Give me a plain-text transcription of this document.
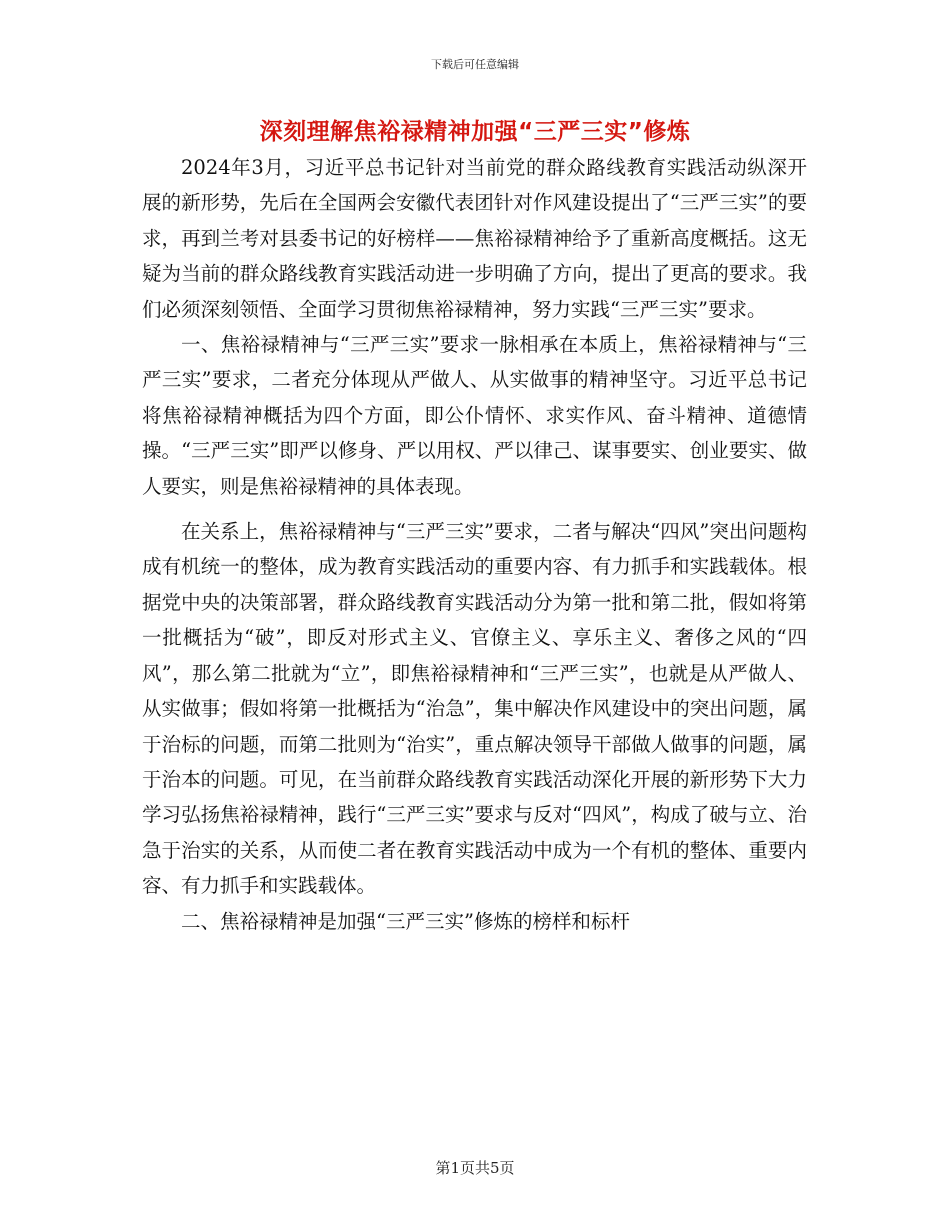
下载后可任意编辑
深刻理解焦裕禄精神加强“三严三实”修炼

2024年3月，习近平总书记针对当前党的群众路线教育实践活动纵深开展的新形势，先后在全国两会安徽代表团针对作风建设提出了“三严三实”的要求，再到兰考对县委书记的好榜样——焦裕禄精神给予了重新高度概括。这无疑为当前的群众路线教育实践活动进一步明确了方向，提出了更高的要求。我们必须深刻领悟、全面学习贯彻焦裕禄精神，努力实践“三严三实”要求。

一、焦裕禄精神与“三严三实”要求一脉相承在本质上，焦裕禄精神与“三严三实”要求，二者充分体现从严做人、从实做事的精神坚守。习近平总书记将焦裕禄精神概括为四个方面，即公仆情怀、求实作风、奋斗精神、道德情操。“三严三实”即严以修身、严以用权、严以律己、谋事要实、创业要实、做人要实，则是焦裕禄精神的具体表现。

在关系上，焦裕禄精神与“三严三实”要求，二者与解决“四风”突出问题构成有机统一的整体，成为教育实践活动的重要内容、有力抓手和实践载体。根据党中央的决策部署，群众路线教育实践活动分为第一批和第二批，假如将第一批概括为“破”，即反对形式主义、官僚主义、享乐主义、奢侈之风的“四风”，那么第二批就为“立”，即焦裕禄精神和“三严三实”，也就是从严做人、从实做事；假如将第一批概括为“治急”，集中解决作风建设中的突出问题，属于治标的问题，而第二批则为“治实”，重点解决领导干部做人做事的问题，属于治本的问题。可见，在当前群众路线教育实践活动深化开展的新形势下大力学习弘扬焦裕禄精神，践行“三严三实”要求与反对“四风”，构成了破与立、治急于治实的关系，从而使二者在教育实践活动中成为一个有机的整体、重要内容、有力抓手和实践载体。

二、焦裕禄精神是加强“三严三实”修炼的榜样和标杆

第1页共5页
